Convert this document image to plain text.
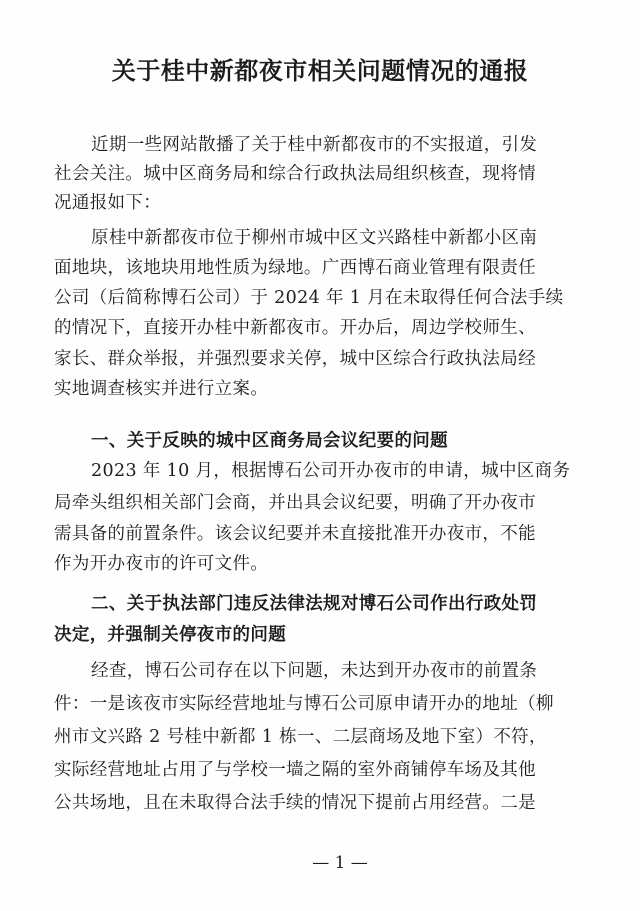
关于桂中新都夜市相关问题情况的通报
近期一些网站散播了关于桂中新都夜市的不实报道，引发
社会关注。城中区商务局和综合行政执法局组织核查，现将情
况通报如下：
原桂中新都夜市位于柳州市城中区文兴路桂中新都小区南
面地块，该地块用地性质为绿地。广西博石商业管理有限责任
公司（后简称博石公司）于 2024 年 1 月在未取得任何合法手续
的情况下，直接开办桂中新都夜市。开办后，周边学校师生、
家长、群众举报，并强烈要求关停，城中区综合行政执法局经
实地调查核实并进行立案。
一、关于反映的城中区商务局会议纪要的问题
2023 年 10 月，根据博石公司开办夜市的申请，城中区商务
局牵头组织相关部门会商，并出具会议纪要，明确了开办夜市
需具备的前置条件。该会议纪要并未直接批准开办夜市，不能
作为开办夜市的许可文件。
二、关于执法部门违反法律法规对博石公司作出行政处罚
决定，并强制关停夜市的问题
经查，博石公司存在以下问题，未达到开办夜市的前置条
件：一是该夜市实际经营地址与博石公司原申请开办的地址（柳
州市文兴路 2 号桂中新都 1 栋一、二层商场及地下室）不符，
实际经营地址占用了与学校一墙之隔的室外商铺停车场及其他
公共场地，且在未取得合法手续的情况下提前占用经营。二是
— 1 —
